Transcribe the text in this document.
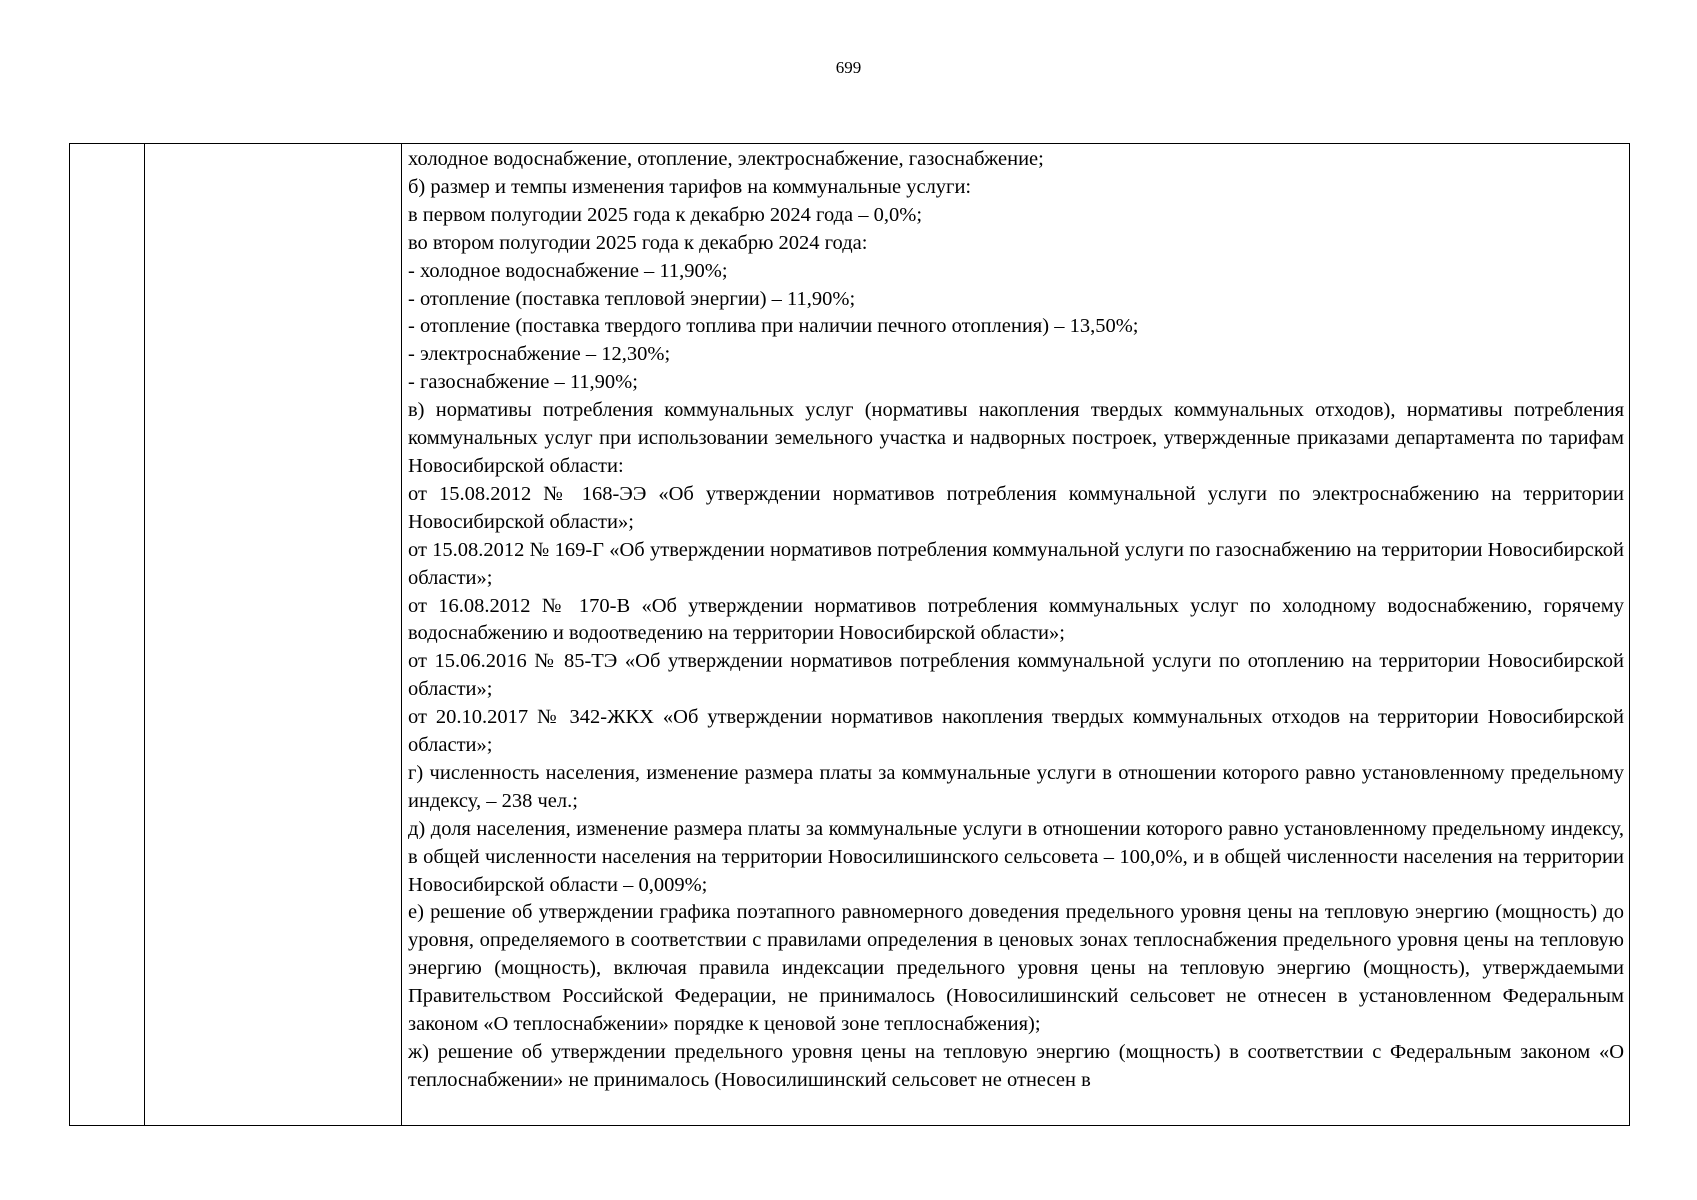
699

холодное водоснабжение, отопление, электроснабжение, газоснабжение;

б) размер и темпы изменения тарифов на коммунальные услуги:

в первом полугодии 2025 года к декабрю 2024 года – 0,0%;

во втором полугодии 2025 года к декабрю 2024 года:

- холодное водоснабжение – 11,90%;

- отопление (поставка тепловой энергии) – 11,90%;

- отопление (поставка твердого топлива при наличии печного отопления) – 13,50%;

- электроснабжение – 12,30%;

- газоснабжение – 11,90%;

в) нормативы потребления коммунальных услуг (нормативы накопления твердых коммунальных отходов), нормативы потребления коммунальных услуг при использовании земельного участка и надворных построек, утвержденные приказами департамента по тарифам Новосибирской области:

от 15.08.2012 № 168-ЭЭ «Об утверждении нормативов потребления коммунальной услуги по электроснабжению на территории Новосибирской области»;

от 15.08.2012 № 169-Г «Об утверждении нормативов потребления коммунальной услуги по газоснабжению на территории Новосибирской области»;

от 16.08.2012 № 170-В «Об утверждении нормативов потребления коммунальных услуг по холодному водоснабжению, горячему водоснабжению и водоотведению на территории Новосибирской области»;

от 15.06.2016 № 85-ТЭ «Об утверждении нормативов потребления коммунальной услуги по отоплению на территории Новосибирской области»;

от 20.10.2017 № 342-ЖКХ «Об утверждении нормативов накопления твердых коммунальных отходов на территории Новосибирской области»;

г) численность населения, изменение размера платы за коммунальные услуги в отношении которого равно установленному предельному индексу, – 238 чел.;

д) доля населения, изменение размера платы за коммунальные услуги в отношении которого равно установленному предельному индексу, в общей численности населения на территории Новосилишинского сельсовета – 100,0%, и в общей численности населения на территории Новосибирской области – 0,009%;

е) решение об утверждении графика поэтапного равномерного доведения предельного уровня цены на тепловую энергию (мощность) до уровня, определяемого в соответствии с правилами определения в ценовых зонах теплоснабжения предельного уровня цены на тепловую энергию (мощность), включая правила индексации предельного уровня цены на тепловую энергию (мощность), утверждаемыми Правительством Российской Федерации, не принималось (Новосилишинский сельсовет не отнесен в установленном Федеральным законом «О теплоснабжении» порядке к ценовой зоне теплоснабжения);

ж) решение об утверждении предельного уровня цены на тепловую энергию (мощность) в соответствии с Федеральным законом «О теплоснабжении» не принималось (Новосилишинский сельсовет не отнесен в
